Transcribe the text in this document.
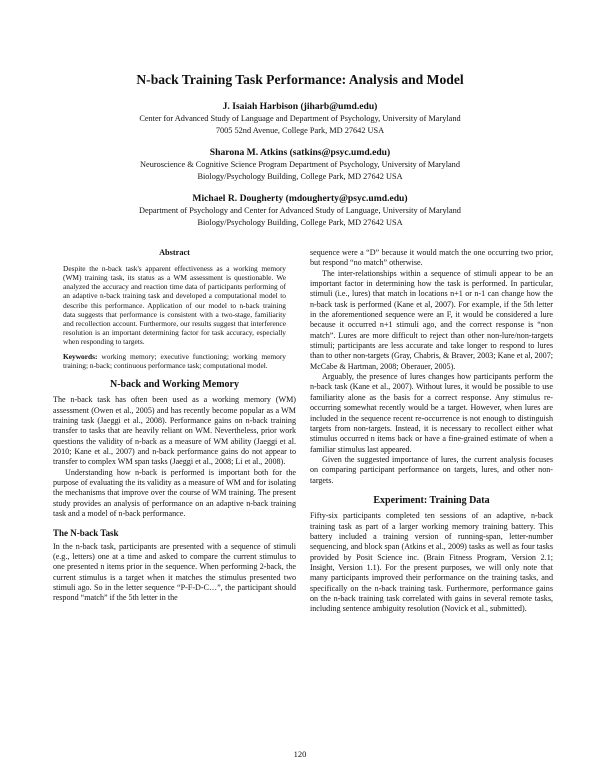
N-back Training Task Performance: Analysis and Model
J. Isaiah Harbison (jiharb@umd.edu)
Center for Advanced Study of Language and Department of Psychology, University of Maryland
7005 52nd Avenue, College Park, MD 27642 USA
Sharona M. Atkins (satkins@psyc.umd.edu)
Neuroscience & Cognitive Science Program Department of Psychology, University of Maryland
Biology/Psychology Building, College Park, MD 27642 USA
Michael R. Dougherty (mdougherty@psyc.umd.edu)
Department of Psychology and Center for Advanced Study of Language, University of Maryland
Biology/Psychology Building, College Park, MD 27642 USA
Abstract

Despite the n-back task's apparent effectiveness as a working memory (WM) training task, its status as a WM assessment is questionable. We analyzed the accuracy and reaction time data of participants performing of an adaptive n-back training task and developed a computational model to describe this performance. Application of our model to n-back training data suggests that performance is consistent with a two-stage, familiarity and recollection account. Furthermore, our results suggest that interference resolution is an important determining factor for task accuracy, especially when responding to targets.

Keywords: working memory; executive functioning; working memory training; n-back; continuous performance task; computational model.

N-back and Working Memory

The n-back task has often been used as a working memory (WM) assessment (Owen et al., 2005) and has recently become popular as a WM training task (Jaeggi et al., 2008). Performance gains on n-back training transfer to tasks that are heavily reliant on WM. Nevertheless, prior work questions the validity of n-back as a measure of WM ability (Jaeggi et al. 2010; Kane et al., 2007) and n-back performance gains do not appear to transfer to complex WM span tasks (Jaeggi et al., 2008; Li et al., 2008).

Understanding how n-back is performed is important both for the purpose of evaluating the its validity as a measure of WM and for isolating the mechanisms that improve over the course of WM training. The present study provides an analysis of performance on an adaptive n-back training task and a model of n-back performance.

The N-back Task

In the n-back task, participants are presented with a sequence of stimuli (e.g., letters) one at a time and asked to compare the current stimulus to one presented n items prior in the sequence. When performing 2-back, the current stimulus is a target when it matches the stimulus presented two stimuli ago. So in the letter sequence “P-F-D-C…”, the participant should respond “match” if the 5th letter in the

sequence were a “D” because it would match the one occurring two prior, but respond “no match” otherwise.

The inter-relationships within a sequence of stimuli appear to be an important factor in determining how the task is performed. In particular, stimuli (i.e., lures) that match in locations n+1 or n-1 can change how the n-back task is performed (Kane et al, 2007). For example, if the 5th letter in the aforementioned sequence were an F, it would be considered a lure because it occurred n+1 stimuli ago, and the correct response is “non match”. Lures are more difficult to reject than other non-lure/non-targets stimuli; participants are less accurate and take longer to respond to lures than to other non-targets (Gray, Chabris, & Braver, 2003; Kane et al, 2007; McCabe & Hartman, 2008; Oberauer, 2005).

Arguably, the presence of lures changes how participants perform the n-back task (Kane et al., 2007). Without lures, it would be possible to use familiarity alone as the basis for a correct response. Any stimulus re-occurring somewhat recently would be a target. However, when lures are included in the sequence recent re-occurrence is not enough to distinguish targets from non-targets. Instead, it is necessary to recollect either what stimulus occurred n items back or have a fine-grained estimate of when a familiar stimulus last appeared.

Given the suggested importance of lures, the current analysis focuses on comparing participant performance on targets, lures, and other non-targets.

Experiment: Training Data

Fifty-six participants completed ten sessions of an adaptive, n-back training task as part of a larger working memory training battery. This battery included a training version of running-span, letter-number sequencing, and block span (Atkins et al., 2009) tasks as well as four tasks provided by Posit Science inc. (Brain Fitness Program, Version 2.1; Insight, Version 1.1). For the present purposes, we will only note that many participants improved their performance on the training tasks, and specifically on the n-back training task. Furthermore, performance gains on the n-back training task correlated with gains in several remote tasks, including sentence ambiguity resolution (Novick et al., submitted).

120
